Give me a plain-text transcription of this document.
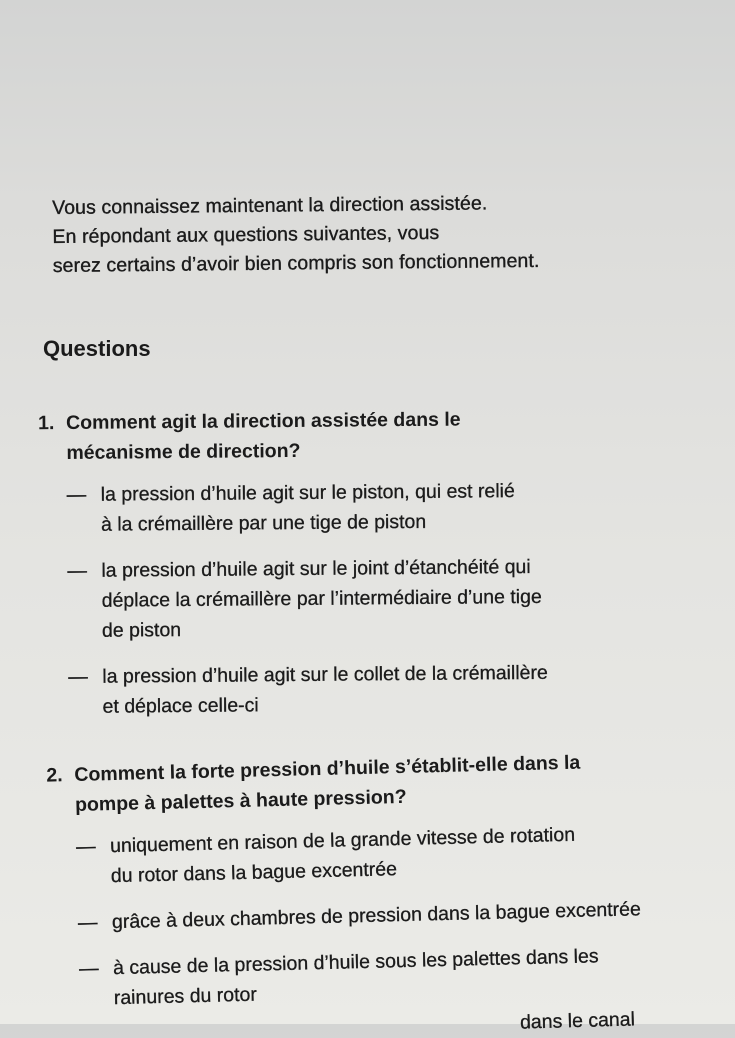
Vous connaissez maintenant la direction assistée.
En répondant aux questions suivantes, vous
serez certains d’avoir bien compris son fonctionnement.
Questions
1. Comment agit la direction assistée dans le
mécanisme de direction?
— la pression d’huile agit sur le piston, qui est relié
à la crémaillère par une tige de piston
— la pression d’huile agit sur le joint d’étanchéité qui
déplace la crémaillère par l’intermédiaire d’une tige
de piston
— la pression d’huile agit sur le collet de la crémaillère
et déplace celle-ci
2. Comment la forte pression d’huile s’établit-elle dans la
pompe à palettes à haute pression?
— uniquement en raison de la grande vitesse de rotation
du rotor dans la bague excentrée
— grâce à deux chambres de pression dans la bague excentrée
— à cause de la pression d’huile sous les palettes dans les
rainures du rotor
dans le canal
